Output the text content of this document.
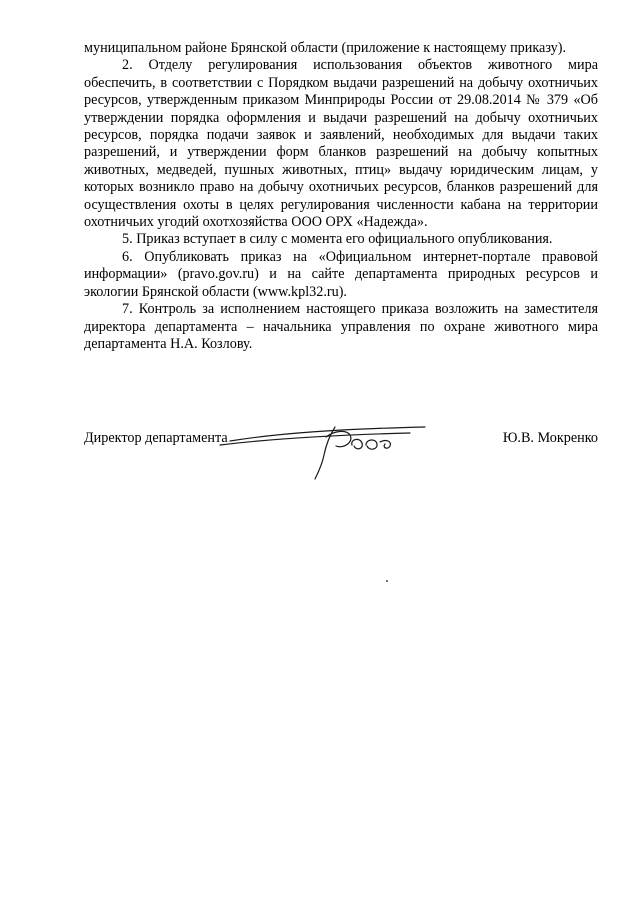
муниципальном районе Брянской области (приложение к настоящему приказу).

2. Отделу регулирования использования объектов животного мира обеспечить, в соответствии с Порядком выдачи разрешений на добычу охотничьих ресурсов, утвержденным приказом Минприроды России от 29.08.2014 № 379 «Об утверждении порядка оформления и выдачи разрешений на добычу охотничьих ресурсов, порядка подачи заявок и заявлений, необходимых для выдачи таких разрешений, и утверждении форм бланков разрешений на добычу копытных животных, медведей, пушных животных, птиц» выдачу юридическим лицам, у которых возникло право на добычу охотничьих ресурсов, бланков разрешений для осуществления охоты в целях регулирования численности кабана на территории охотничьих угодий охотхозяйства ООО ОРХ «Надежда».

5. Приказ вступает в силу с момента его официального опубликования.

6. Опубликовать приказ на «Официальном интернет-портале правовой информации» (pravo.gov.ru) и на сайте департамента природных ресурсов и экологии Брянской области (www.kpl32.ru).

7. Контроль за исполнением настоящего приказа возложить на заместителя директора департамента – начальника управления по охране животного мира департамента Н.А. Козлову.

Директор департамента	Ю.В. Мокренко
